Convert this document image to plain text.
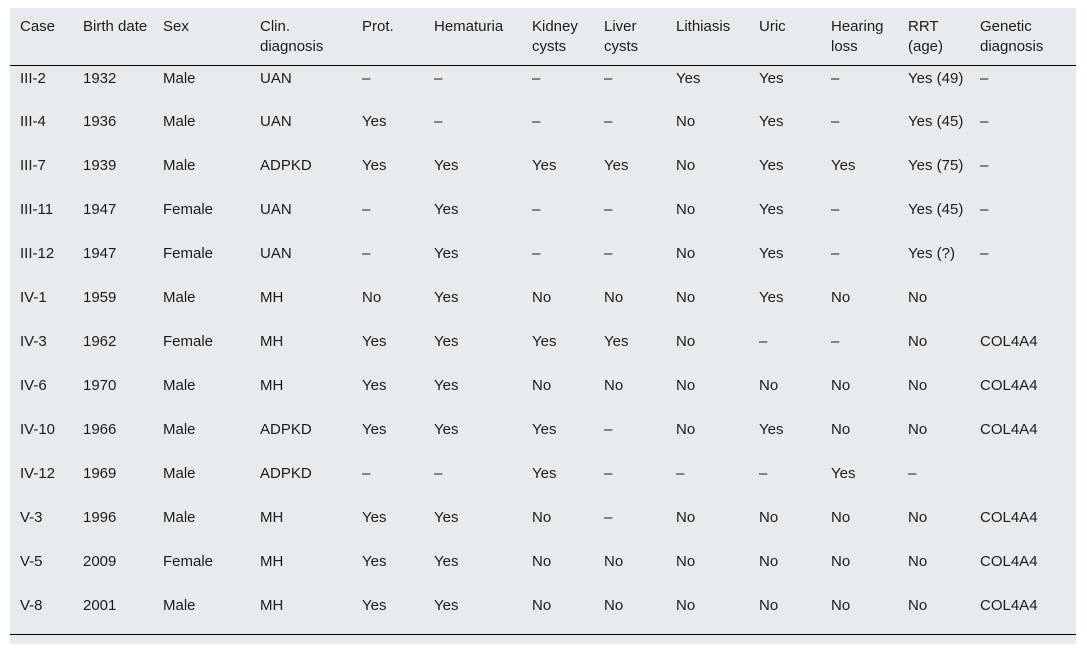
Case	Birth date	Sex	Clin. diagnosis	Prot.	Hematuria	Kidney cysts	Liver cysts	Lithiasis	Uric	Hearing loss	RRT (age)	Genetic diagnosis
III-2	1932	Male	UAN	–	–	–	–	Yes	Yes	–	Yes (49)	–
III-4	1936	Male	UAN	Yes	–	–	–	No	Yes	–	Yes (45)	–
III-7	1939	Male	ADPKD	Yes	Yes	Yes	Yes	No	Yes	Yes	Yes (75)	–
III-11	1947	Female	UAN	–	Yes	–	–	No	Yes	–	Yes (45)	–
III-12	1947	Female	UAN	–	Yes	–	–	No	Yes	–	Yes (?)	–
IV-1	1959	Male	MH	No	Yes	No	No	No	Yes	No	No	
IV-3	1962	Female	MH	Yes	Yes	Yes	Yes	No	–	–	No	COL4A4
IV-6	1970	Male	MH	Yes	Yes	No	No	No	No	No	No	COL4A4
IV-10	1966	Male	ADPKD	Yes	Yes	Yes	–	No	Yes	No	No	COL4A4
IV-12	1969	Male	ADPKD	–	–	Yes	–	–	–	Yes	–	
V-3	1996	Male	MH	Yes	Yes	No	–	No	No	No	No	COL4A4
V-5	2009	Female	MH	Yes	Yes	No	No	No	No	No	No	COL4A4
V-8	2001	Male	MH	Yes	Yes	No	No	No	No	No	No	COL4A4
